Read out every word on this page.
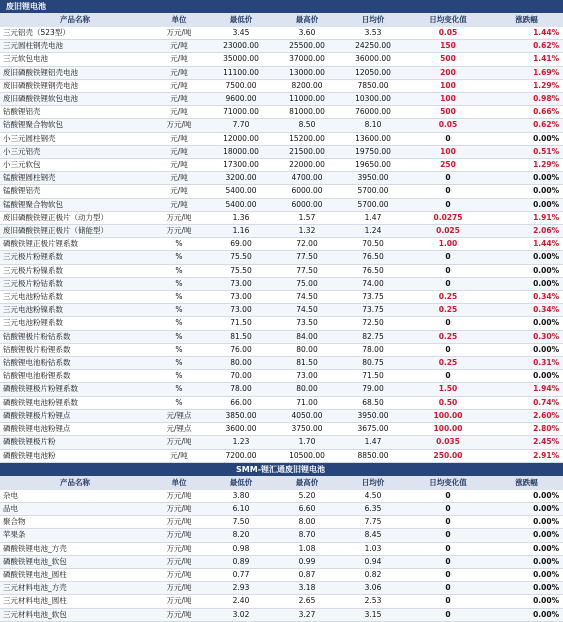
废旧锂电池						
产品名称	单位	最低价	最高价	日均价	日均变化值	涨跌幅
三元铝壳（523型）	万元/吨	3.45	3.60	3.53	0.05	1.44%
三元圆柱钢壳电池	元/吨	23000.00	25500.00	24250.00	150	0.62%
三元软包电池	元/吨	35000.00	37000.00	36000.00	500	1.41%
废旧磷酸铁锂铝壳电池	元/吨	11100.00	13000.00	12050.00	200	1.69%
废旧磷酸铁锂钢壳电池	元/吨	7500.00	8200.00	7850.00	100	1.29%
废旧磷酸铁锂软包电池	元/吨	9600.00	11000.00	10300.00	100	0.98%
钴酸锂铝壳	元/吨	71000.00	81000.00	76000.00	500	0.66%
钴酸锂聚合物软包	万元/吨	7.70	8.50	8.10	0.05	0.62%
小三元圆柱钢壳	元/吨	12000.00	15200.00	13600.00	0	0.00%
小三元铝壳	元/吨	18000.00	21500.00	19750.00	100	0.51%
小三元软包	元/吨	17300.00	22000.00	19650.00	250	1.29%
锰酸锂圆柱钢壳	元/吨	3200.00	4700.00	3950.00	0	0.00%
锰酸锂铝壳	元/吨	5400.00	6000.00	5700.00	0	0.00%
锰酸锂聚合物软包	元/吨	5400.00	6000.00	5700.00	0	0.00%
废旧磷酸铁锂正极片（动力型）	万元/吨	1.36	1.57	1.47	0.0275	1.91%
废旧磷酸铁锂正极片（储能型）	万元/吨	1.16	1.32	1.24	0.025	2.06%
磷酸铁锂正极片锂系数	%	69.00	72.00	70.50	1.00	1.44%
三元极片粉锂系数	%	75.50	77.50	76.50	0	0.00%
三元极片粉镍系数	%	75.50	77.50	76.50	0	0.00%
三元极片粉钴系数	%	73.00	75.00	74.00	0	0.00%
三元电池粉钴系数	%	73.00	74.50	73.75	0.25	0.34%
三元电池粉镍系数	%	73.00	74.50	73.75	0.25	0.34%
三元电池粉锂系数	%	71.50	73.50	72.50	0	0.00%
钴酸锂极片粉钴系数	%	81.50	84.00	82.75	0.25	0.30%
钴酸锂极片粉锂系数	%	76.00	80.00	78.00	0	0.00%
钴酸锂电池粉钴系数	%	80.00	81.50	80.75	0.25	0.31%
钴酸锂电池粉锂系数	%	70.00	73.00	71.50	0	0.00%
磷酸铁锂极片粉锂系数	%	78.00	80.00	79.00	1.50	1.94%
磷酸铁锂电池粉锂系数	%	66.00	71.00	68.50	0.50	0.74%
磷酸铁锂极片粉锂点	元/锂点	3850.00	4050.00	3950.00	100.00	2.60%
磷酸铁锂电池粉锂点	元/锂点	3600.00	3750.00	3675.00	100.00	2.80%
磷酸铁锂极片粉	万元/吨	1.23	1.70	1.47	0.035	2.45%
磷酸铁锂电池粉	元/吨	7200.00	10500.00	8850.00	250.00	2.91%
SMM-锂汇通废旧锂电池						
产品名称	单位	最低价	最高价	日均价	日均变化值	涨跌幅
杂电	万元/吨	3.80	5.20	4.50	0	0.00%
品电	万元/吨	6.10	6.60	6.35	0	0.00%
聚合物	万元/吨	7.50	8.00	7.75	0	0.00%
苹果条	万元/吨	8.20	8.70	8.45	0	0.00%
磷酸铁锂电池_方壳	万元/吨	0.98	1.08	1.03	0	0.00%
磷酸铁锂电池_软包	万元/吨	0.89	0.99	0.94	0	0.00%
磷酸铁锂电池_圆柱	万元/吨	0.77	0.87	0.82	0	0.00%
三元材料电池_方壳	万元/吨	2.93	3.18	3.06	0	0.00%
三元材料电池_圆柱	万元/吨	2.40	2.65	2.53	0	0.00%
三元材料电池_软包	万元/吨	3.02	3.27	3.15	0	0.00%
